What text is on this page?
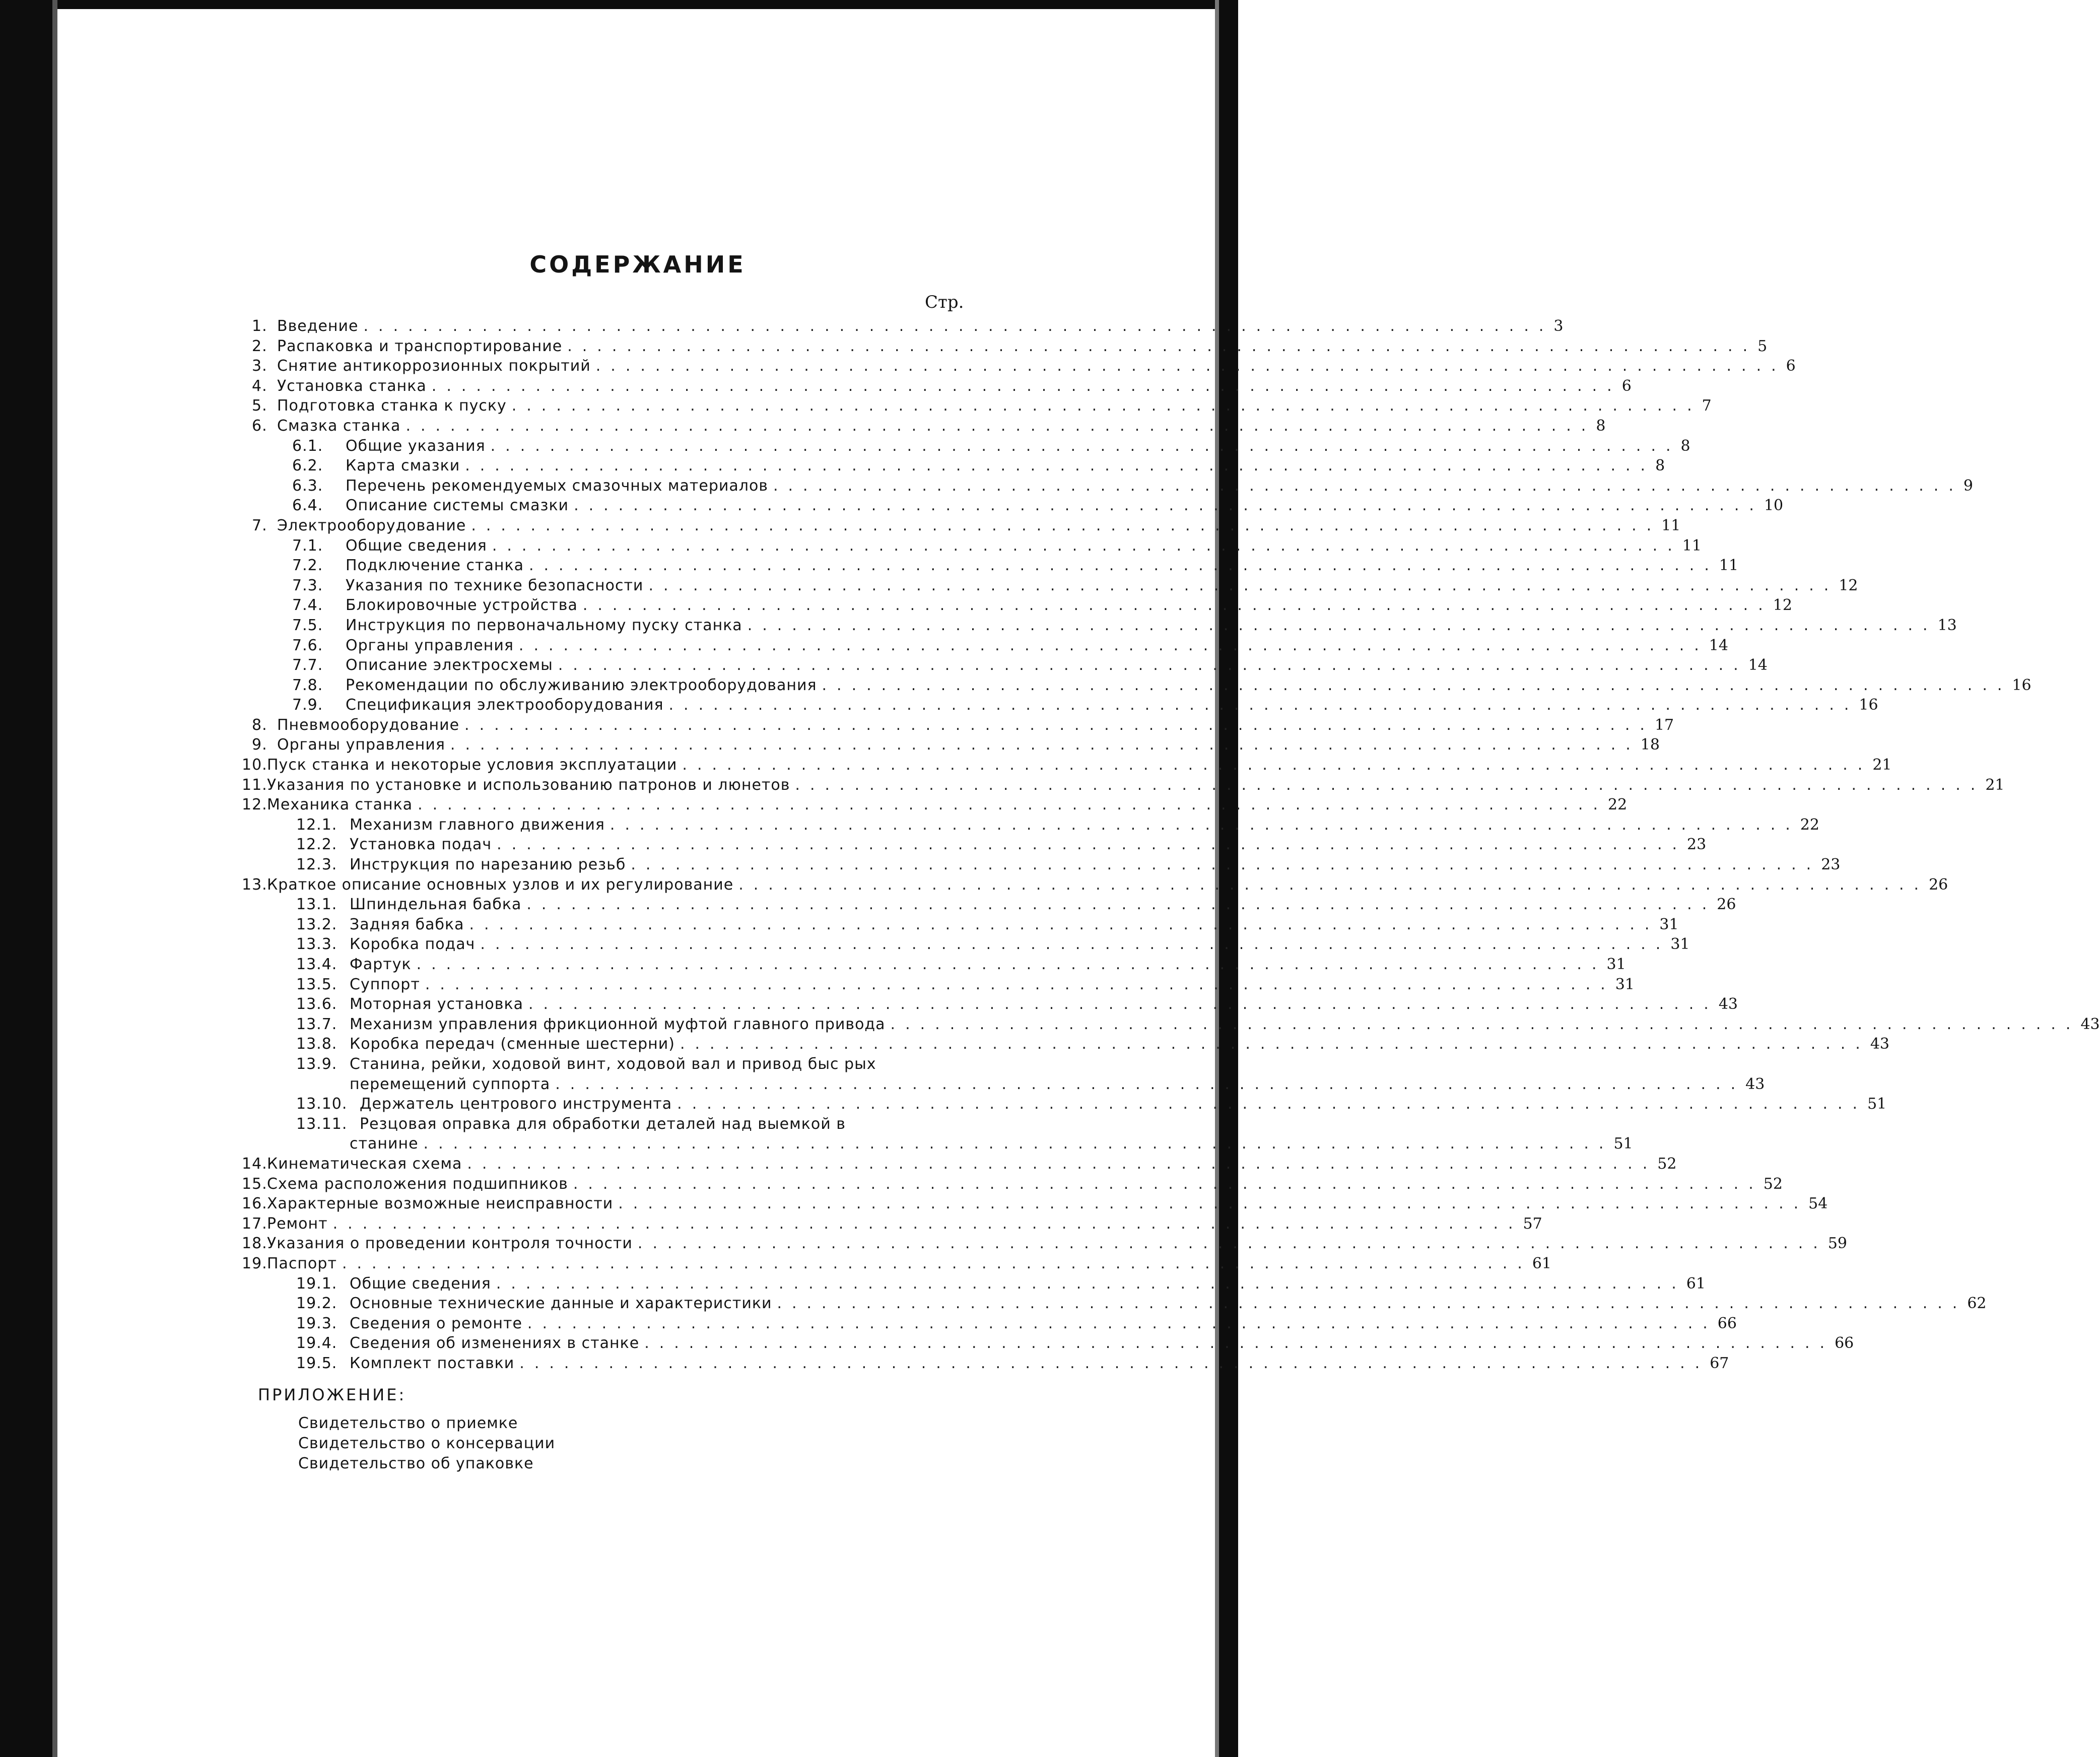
СОДЕРЖАНИЕ
Стр.
1. Введение ................................................................................ 3
2. Распаковка и транспортирование ................................................................................ 5
3. Снятие антикоррозионных покрытий ................................................................................ 6
4. Установка станка ................................................................................ 6
5. Подготовка станка к пуску ................................................................................ 7
6. Смазка станка ................................................................................ 8
6.1.	Общие указания ................................................................................ 8
6.2.	Карта смазки ................................................................................ 8
6.3.	Перечень рекомендуемых смазочных материалов ................................................................................ 9
6.4.	Описание системы смазки ................................................................................ 10
7. Электрооборудование ................................................................................ 11
7.1.	Общие сведения ................................................................................ 11
7.2.	Подключение станка ................................................................................ 11
7.3.	Указания по технике безопасности ................................................................................ 12
7.4.	Блокировочные устройства ................................................................................ 12
7.5.	Инструкция по первоначальному пуску станка ................................................................................ 13
7.6.	Органы управления ................................................................................ 14
7.7.	Описание электросхемы ................................................................................ 14
7.8.	Рекомендации по обслуживанию электрооборудования ................................................................................ 16
7.9.	Спецификация электрооборудования ................................................................................ 16
8. Пневмооборудование ................................................................................ 17
9. Органы управления ................................................................................ 18
10. Пуск станка и некоторые условия эксплуатации ................................................................................ 21
11. Указания по установке и использованию патронов и люнетов ................................................................................ 21
12. Механика станка ................................................................................ 22
12.1. Механизм главного движения ................................................................................ 22
12.2. Установка подач ................................................................................ 23
12.3. Инструкция по нарезанию резьб ................................................................................ 23
13. Краткое описание основных узлов и их регулирование ................................................................................ 26
13.1. Шпиндельная бабка ................................................................................ 26
13.2. Задняя бабка ................................................................................ 31
13.3. Коробка подач ................................................................................ 31
13.4. Фартук ................................................................................ 31
13.5. Суппорт ................................................................................ 31
13.6. Моторная установка ................................................................................ 43
13.7. Механизм управления фрикционной муфтой главного привода ................................................................................ 43
13.8. Коробка передач (сменные шестерни) ................................................................................ 43
13.9. Станина, рейки, ходовой винт, ходовой вал и привод быс рых
перемещений суппорта ................................................................................ 43
13.10. Держатель центрового инструмента ................................................................................ 51
13.11. Резцовая оправка для обработки деталей над выемкой в
станине ................................................................................ 51
14. Кинематическая схема ................................................................................ 52
15. Схема расположения подшипников ................................................................................ 52
16. Характерные возможные неисправности ................................................................................ 54
17. Ремонт ................................................................................ 57
18. Указания о проведении контроля точности ................................................................................ 59
19. Паспорт ................................................................................ 61
19.1. Общие сведения ................................................................................ 61
19.2. Основные технические данные и характеристики ................................................................................ 62
19.3. Сведения о ремонте ................................................................................ 66
19.4. Сведения об изменениях в станке ................................................................................ 66
19.5. Комплект поставки ................................................................................ 67
ПРИЛОЖЕНИЕ:
Свидетельство о приемке
Свидетельство о консервации
Свидетельство об упаковке
